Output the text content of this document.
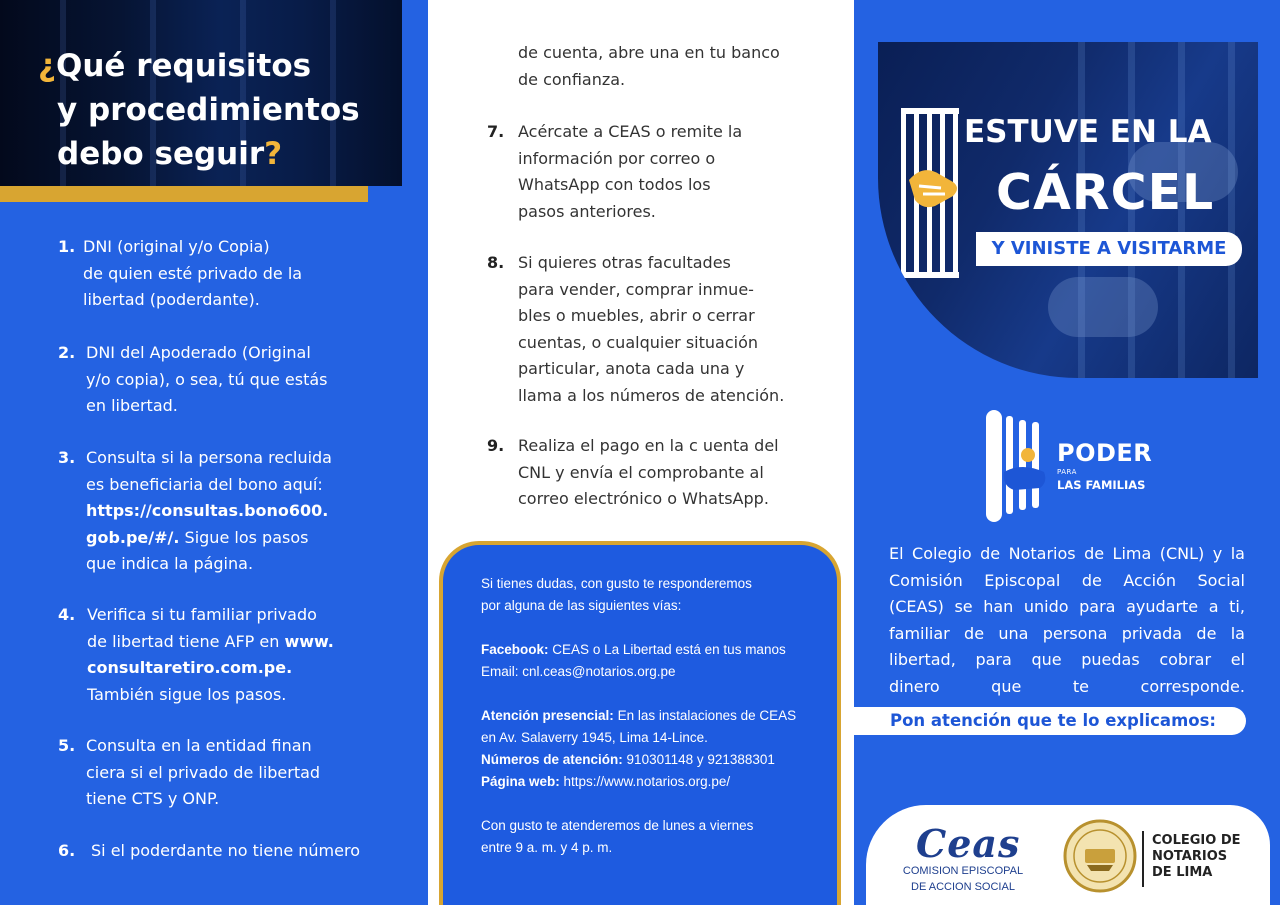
¿Qué requisitos
y procedimientos
debo seguir?
1. DNI (original y/o Copia)
de quien esté privado de la
libertad (poderdante).
2. DNI del Apoderado (Original
y/o copia), o sea, tú que estás
en libertad.
3. Consulta si la persona recluida
es beneficiaria del bono aquí:
https://consultas.bono600.
gob.pe/#/. Sigue los pasos
que indica la página.
4. Verifica si tu familiar privado
de libertad tiene AFP en www.
consultaretiro.com.pe.
También sigue los pasos.
5. Consulta en la entidad finan
ciera si el privado de libertad
tiene CTS y ONP.
6. Si el poderdante no tiene número
de cuenta, abre una en tu banco
de confianza.
7. Acércate a CEAS o remite la
información por correo o
WhatsApp con todos los
pasos anteriores.
8. Si quieres otras facultades
para vender, comprar inmue-
bles o muebles, abrir o cerrar
cuentas, o cualquier situación
particular, anota cada una y
llama a los números de atención.
9. Realiza el pago en la c uenta del
CNL y envía el comprobante al
correo electrónico o WhatsApp.
Si tienes dudas, con gusto te responderemos
por alguna de las siguientes vías:
Facebook: CEAS o La Libertad está en tus manos
Email: cnl.ceas@notarios.org.pe
Atención presencial: En las instalaciones de CEAS
en Av. Salaverry 1945, Lima 14-Lince.
Números de atención: 910301148 y 921388301
Página web: https://www.notarios.org.pe/
Con gusto te atenderemos de lunes a viernes
entre 9 a. m. y 4 p. m.
ESTUVE EN LA
CÁRCEL
Y VINISTE A VISITARME
PODER
PARA
LAS FAMILIAS
El Colegio de Notarios de Lima (CNL) y la
Comisión Episcopal de Acción Social
(CEAS) se han unido para ayudarte a ti,
familiar de una persona privada de la
libertad, para que puedas cobrar el
dinero	que	te	corresponde.
Pon atención que te lo explicamos:
Ceas
COMISION EPISCOPAL
DE ACCION SOCIAL
COLEGIO DE
NOTARIOS
DE LIMA
